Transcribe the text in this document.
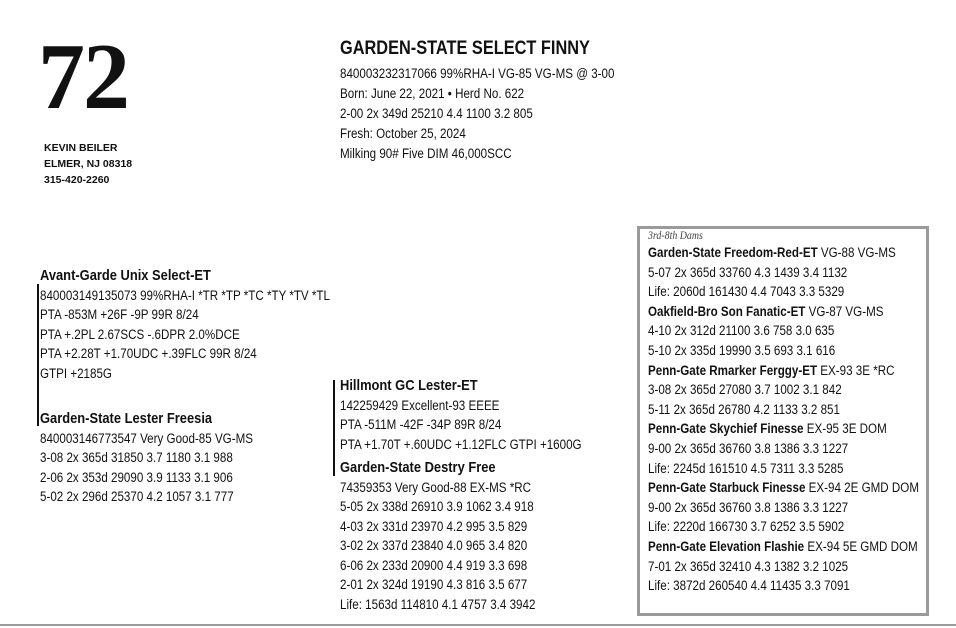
72
KEVIN BEILER
ELMER, NJ 08318
315-420-2260
GARDEN-STATE SELECT FINNY
840003232317066 99%RHA-I VG-85 VG-MS @ 3-00
Born: June 22, 2021 • Herd No. 622
2-00 2x 349d 25210 4.4 1100 3.2 805
Fresh: October 25, 2024
Milking 90# Five DIM 46,000SCC
Avant-Garde Unix Select-ET
840003149135073 99%RHA-I *TR *TP *TC *TY *TV *TL
PTA -853M +26F -9P 99R 8/24
PTA +.2PL 2.67SCS -.6DPR 2.0%DCE
PTA +2.28T +1.70UDC +.39FLC 99R 8/24
GTPI +2185G
Garden-State Lester Freesia
840003146773547 Very Good-85 VG-MS
3-08 2x 365d 31850 3.7 1180 3.1 988
2-06 2x 353d 29090 3.9 1133 3.1 906
5-02 2x 296d 25370 4.2 1057 3.1 777
Hillmont GC Lester-ET
142259429 Excellent-93 EEEE
PTA -511M -42F -34P 89R 8/24
PTA +1.70T +.60UDC +1.12FLC GTPI +1600G
Garden-State Destry Free
74359353 Very Good-88 EX-MS *RC
5-05 2x 338d 26910 3.9 1062 3.4 918
4-03 2x 331d 23970 4.2 995 3.5 829
3-02 2x 337d 23840 4.0 965 3.4 820
6-06 2x 233d 20900 4.4 919 3.3 698
2-01 2x 324d 19190 4.3 816 3.5 677
Life: 1563d 114810 4.1 4757 3.4 3942
3rd-8th Dams
Garden-State Freedom-Red-ET VG-88 VG-MS
5-07 2x 365d 33760 4.3 1439 3.4 1132
Life: 2060d 161430 4.4 7043 3.3 5329
Oakfield-Bro Son Fanatic-ET VG-87 VG-MS
4-10 2x 312d 21100 3.6 758 3.0 635
5-10 2x 335d 19990 3.5 693 3.1 616
Penn-Gate Rmarker Ferggy-ET EX-93 3E *RC
3-08 2x 365d 27080 3.7 1002 3.1 842
5-11 2x 365d 26780 4.2 1133 3.2 851
Penn-Gate Skychief Finesse EX-95 3E DOM
9-00 2x 365d 36760 3.8 1386 3.3 1227
Life: 2245d 161510 4.5 7311 3.3 5285
Penn-Gate Starbuck Finesse EX-94 2E GMD DOM
9-00 2x 365d 36760 3.8 1386 3.3 1227
Life: 2220d 166730 3.7 6252 3.5 5902
Penn-Gate Elevation Flashie EX-94 5E GMD DOM
7-01 2x 365d 32410 4.3 1382 3.2 1025
Life: 3872d 260540 4.4 11435 3.3 7091
